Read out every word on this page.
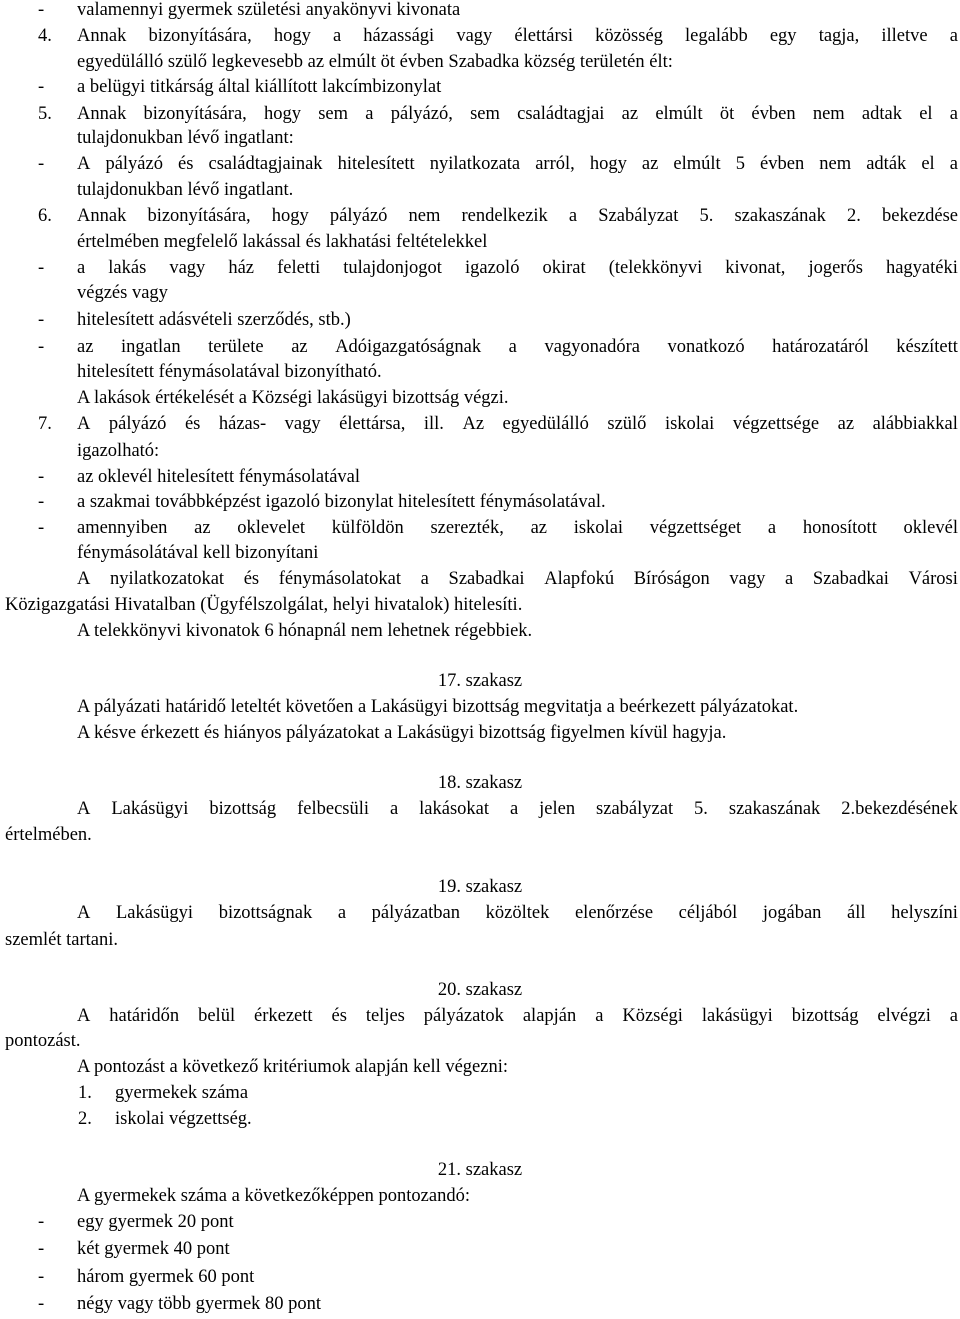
- valamennyi gyermek születési anyakönyvi kivonata
4. Annak bizonyítására, hogy a házassági vagy élettársi közösség legalább egy tagja, illetve a
egyedülálló szülő legkevesebb az elmúlt öt évben Szabadka község területén élt:
- a belügyi titkárság által kiállított lakcímbizonylat
5. Annak bizonyítására, hogy sem a pályázó, sem családtagjai az elmúlt öt évben nem adtak el a
tulajdonukban lévő ingatlant:
- A pályázó és családtagjainak hitelesített nyilatkozata arról, hogy az elmúlt 5 évben nem adták el a
tulajdonukban lévő ingatlant.
6. Annak bizonyítására, hogy pályázó nem rendelkezik a Szabályzat 5. szakaszának 2. bekezdése
értelmében megfelelő lakással és lakhatási feltételekkel
- a lakás vagy ház feletti tulajdonjogot igazoló okirat (telekkönyvi kivonat, jogerős hagyatéki
végzés vagy
- hitelesített adásvételi szerződés, stb.)
- az ingatlan területe az Adóigazgatóságnak a vagyonadóra vonatkozó határozatáról készített
hitelesített fénymásolatával bizonyítható.
A lakások értékelését a Községi lakásügyi bizottság végzi.
7. A pályázó és házas- vagy élettársa, ill. Az egyedülálló szülő iskolai végzettsége az alábbiakkal
igazolható:
- az oklevél hitelesített fénymásolatával
- a szakmai továbbképzést igazoló bizonylat hitelesített fénymásolatával.
- amennyiben az oklevelet külföldön szerezték, az iskolai végzettséget a honosított oklevél
fénymásolátával kell bizonyítani
A nyilatkozatokat és fénymásolatokat a Szabadkai Alapfokú Bíróságon vagy a Szabadkai Városi
Közigazgatási Hivatalban (Ügyfélszolgálat, helyi hivatalok) hitelesíti.
A telekkönyvi kivonatok 6 hónapnál nem lehetnek régebbiek.
17. szakasz
A pályázati határidő leteltét követően a Lakásügyi bizottság megvitatja a beérkezett pályázatokat.
A késve érkezett és hiányos pályázatokat a Lakásügyi bizottság figyelmen kívül hagyja.
18. szakasz
A Lakásügyi bizottság felbecsüli a lakásokat a jelen szabályzat 5. szakaszának 2.bekezdésének
értelmében.
19. szakasz
A Lakásügyi bizottságnak a pályázatban közöltek elenőrzése céljából jogában áll helyszíni
szemlét tartani.
20. szakasz
A határidőn belül érkezett és teljes pályázatok alapján a Községi lakásügyi bizottság elvégzi a
pontozást.
A pontozást a következő kritériumok alapján kell végezni:
1. gyermekek száma
2. iskolai végzettség.
21. szakasz
A gyermekek száma a következőképpen pontozandó:
- egy gyermek 20 pont
- két gyermek 40 pont
- három gyermek 60 pont
- négy vagy több gyermek 80 pont
